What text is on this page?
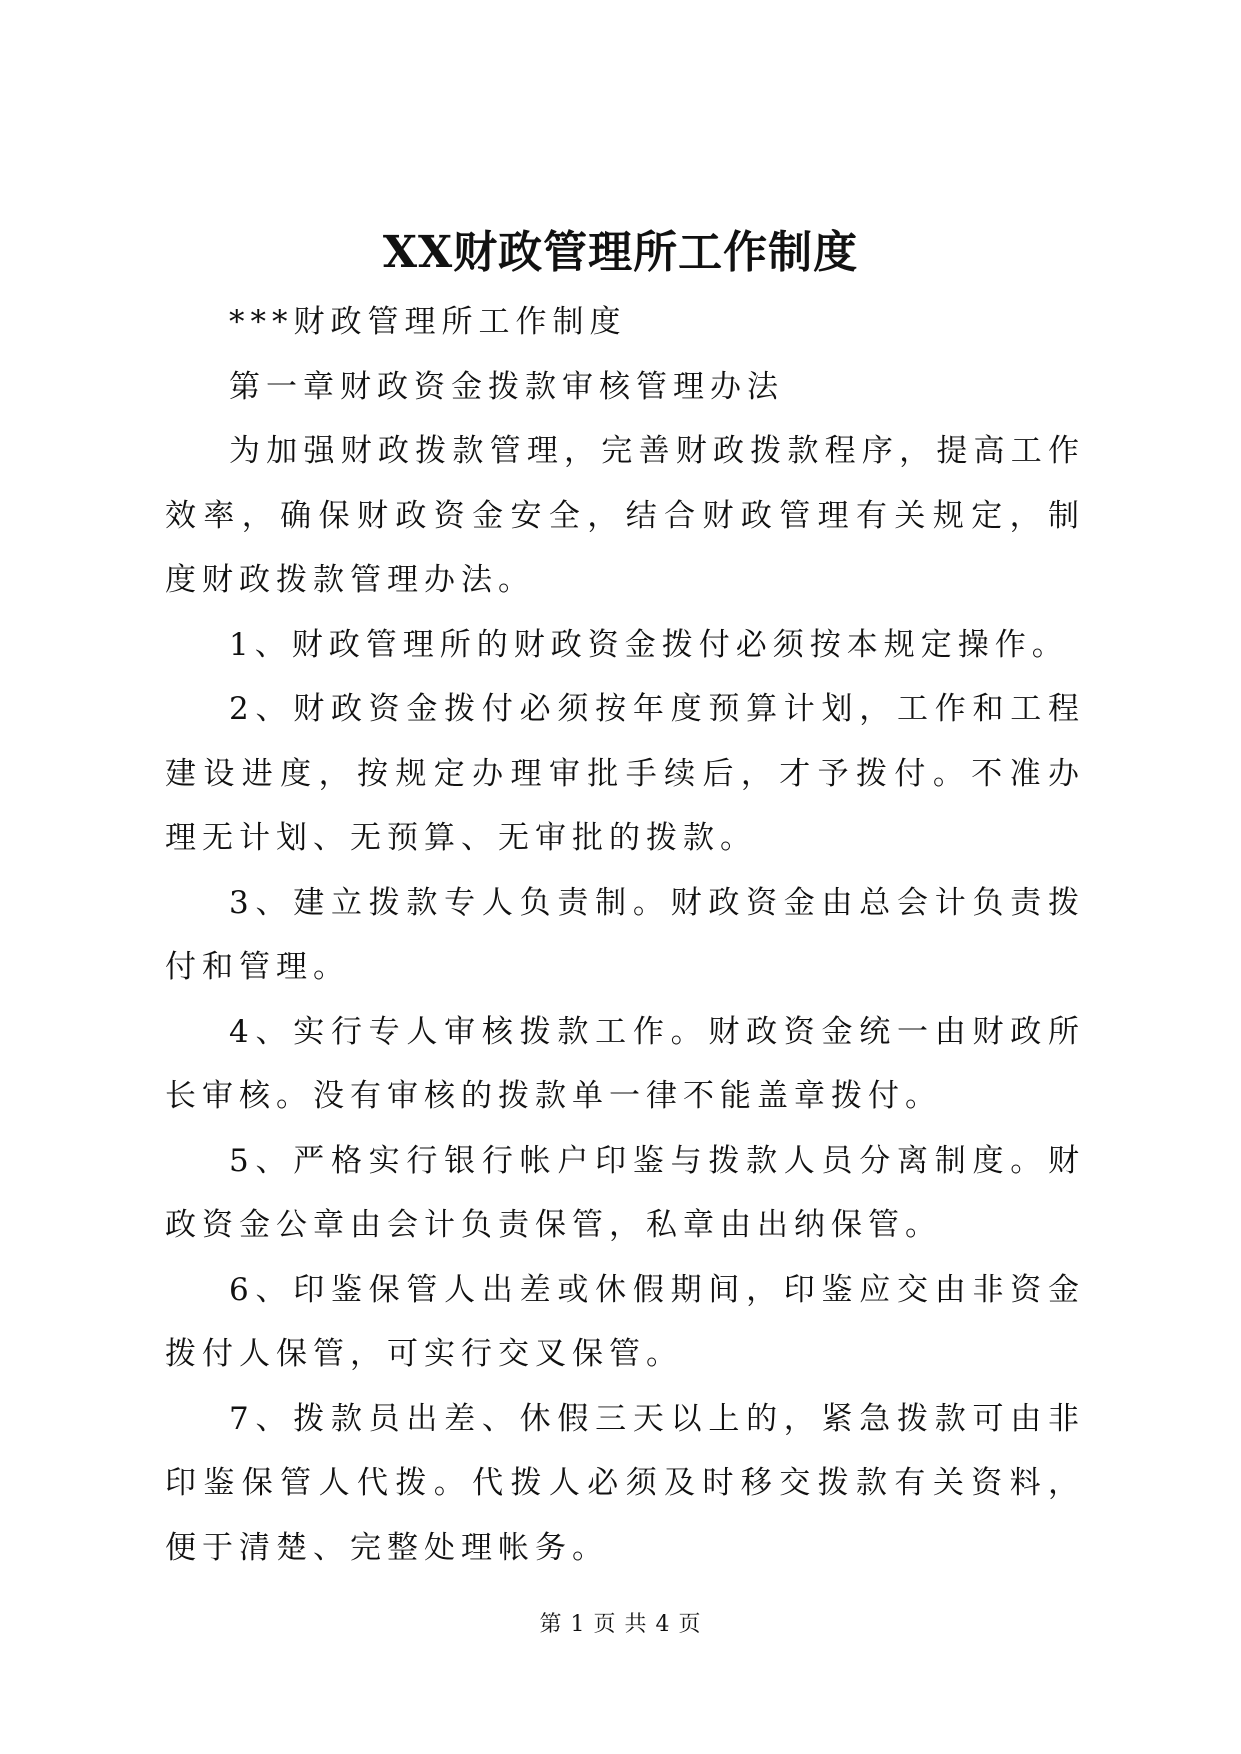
XX财政管理所工作制度

***财政管理所工作制度

第一章财政资金拨款审核管理办法

为加强财政拨款管理，完善财政拨款程序，提高工作效率，确保财政资金安全，结合财政管理有关规定，制度财政拨款管理办法。

1、财政管理所的财政资金拨付必须按本规定操作。

2、财政资金拨付必须按年度预算计划，工作和工程建设进度，按规定办理审批手续后，才予拨付。不准办理无计划、无预算、无审批的拨款。

3、建立拨款专人负责制。财政资金由总会计负责拨付和管理。

4、实行专人审核拨款工作。财政资金统一由财政所长审核。没有审核的拨款单一律不能盖章拨付。

5、严格实行银行帐户印鉴与拨款人员分离制度。财政资金公章由会计负责保管，私章由出纳保管。

6、印鉴保管人出差或休假期间，印鉴应交由非资金拨付人保管，可实行交叉保管。

7、拨款员出差、休假三天以上的，紧急拨款可由非印鉴保管人代拨。代拨人必须及时移交拨款有关资料，便于清楚、完整处理帐务。

第 1 页 共 4 页
